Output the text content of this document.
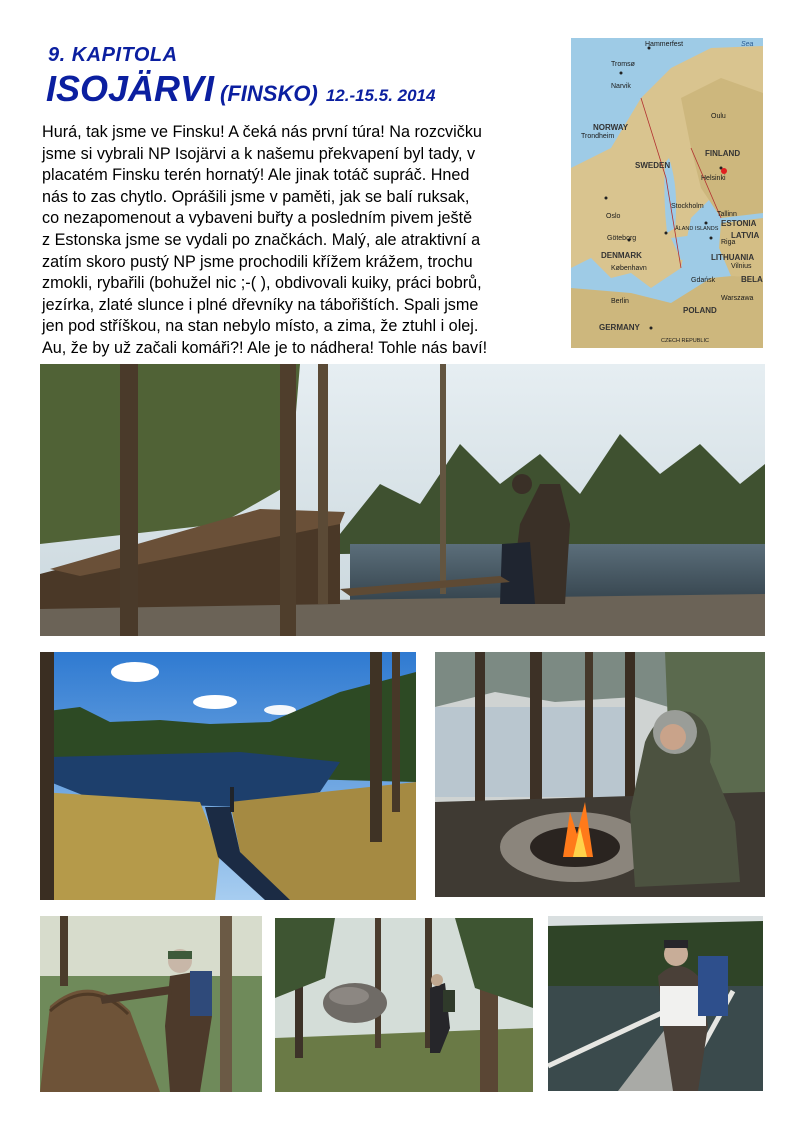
9. KAPITOLA
ISOJÄRVI (FINSKO) 12.-15.5. 2014
Hurá, tak jsme ve Finsku! A čeká nás první túra! Na rozcvičku
jsme si vybrali NP Isojärvi a k našemu překvapení byl tady, v
placatém Finsku terén hornatý! Ale jinak totáč supráč. Hned
nás to zas chytlo. Oprášili jsme v paměti, jak se balí ruksak,
co nezapomenout a vybaveni buřty a posledním pivem ještě
z Estonska jsme se vydali po značkách. Malý, ale atraktivní a
zatím skoro pustý NP jsme prochodili křížem krážem, trochu
zmokli, rybařili (bohužel nic ;-( ), obdivovali kuiky, práci bobrů,
jezírka, zlaté slunce i plné dřevníky na tábořištích. Spali jsme
jen pod stříškou, na stan nebylo místo, a zima, že ztuhl i olej.
Au, že by už začali komáři?! Ale je to nádhera! Tohle nás baví!
Hammerfest
Tromsø
Narvik
Oulu
Trondheim
Helsinki
Stockholm
Oslo	Tallinn
Riga
Göteborg
København
Gdańsk
Warszawa
Berlin
Vilnius
NORWAY
SWEDEN
FINLAND
ESTONIA
LATVIA
LITHUANIA
DENMARK
GERMANY
POLAND
BELA
Sea
ÅLAND ISLANDS
CZECH REPUBLIC
